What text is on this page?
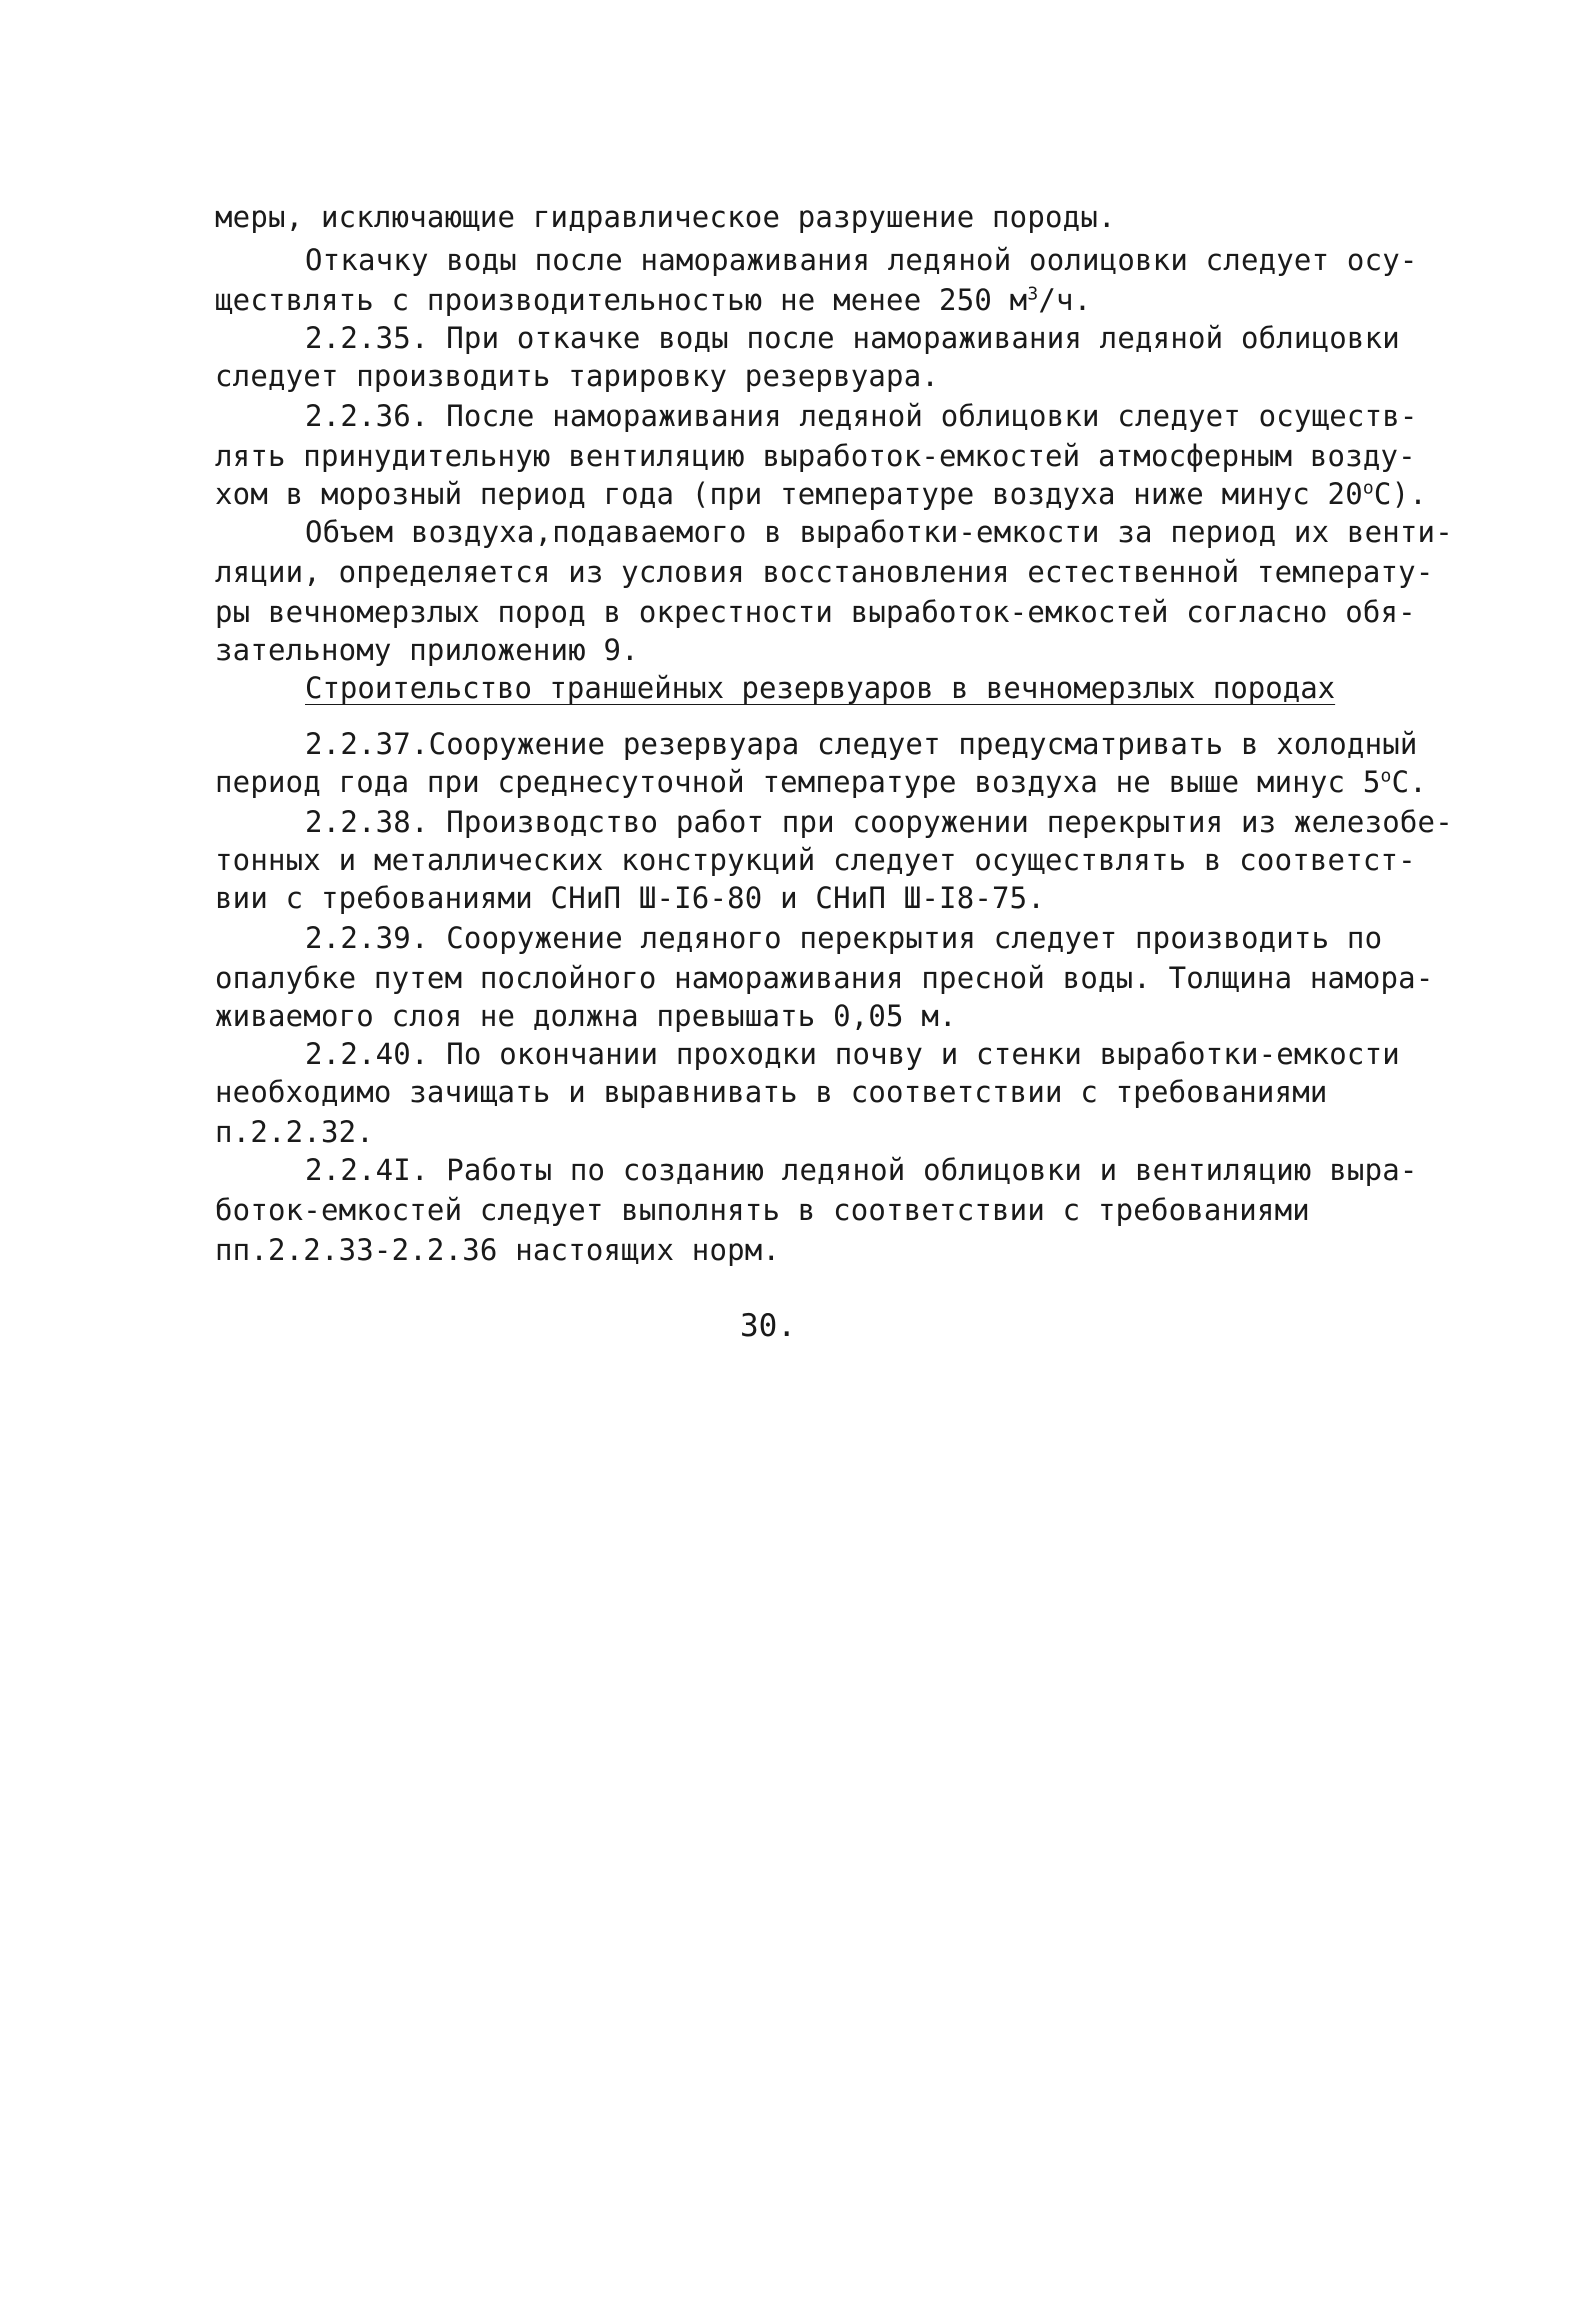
меры, исключающие гидравлическое разрушение породы.
Откачку воды после намораживания ледяной оолицовки следует осу-
ществлять с производительностью не менее 250 $м^3/ч$.
2.2.35. При откачке воды после намораживания ледяной облицовки
следует производить тарировку резервуара.
2.2.36. После намораживания ледяной облицовки следует осуществ-
лять принудительную вентиляцию выработок-емкостей атмосферным возду-
хом в морозный период года (при температуре воздуха ниже минус $20^оС$).
Объем воздуха,подаваемого в выработки-емкости за период их венти-
ляции, определяется из условия восстановления естественной температу-
ры вечномерзлых пород в окрестности выработок-емкостей согласно обя-
зательному приложению 9.
Строительство траншейных резервуаров в вечномерзлых породах
2.2.37.Сооружение резервуара следует предусматривать в холодный
период года при среднесуточной температуре воздуха не выше минус $5^оС$.
2.2.38. Производство работ при сооружении перекрытия из железобе-
тонных и металлических конструкций следует осуществлять в соответст-
вии с требованиями СНиП Ш-I6-80 и СНиП Ш-I8-75.
2.2.39. Сооружение ледяного перекрытия следует производить по
опалубке путем послойного намораживания пресной воды. Толщина намора-
живаемого слоя не должна превышать 0,05 м.
2.2.40. По окончании проходки почву и стенки выработки-емкости
необходимо зачищать и выравнивать в соответствии с требованиями
п.2.2.32.
2.2.4I. Работы по созданию ледяной облицовки и вентиляцию выра-
боток-емкостей следует выполнять в соответствии с требованиями
пп.2.2.33-2.2.36 настоящих норм.
30.
